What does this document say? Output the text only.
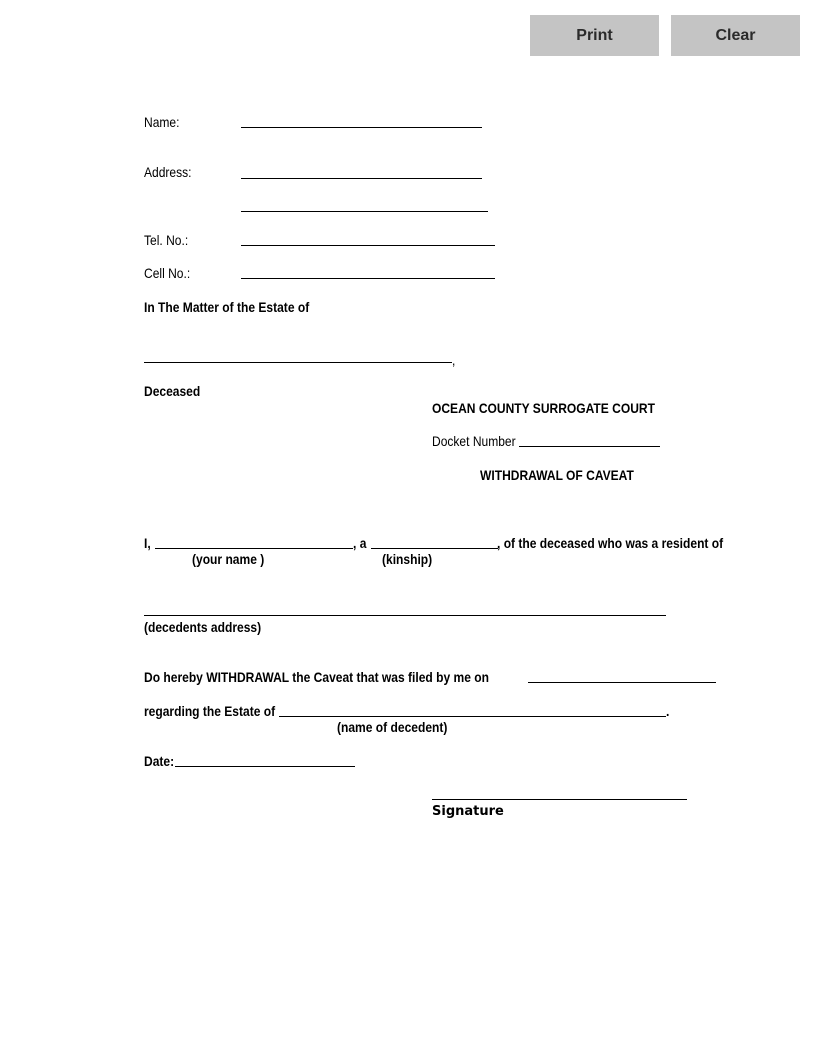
Print	Clear
Name:
Address:
Tel. No.:
Cell No.:
In The Matter of the Estate of
,
Deceased
OCEAN COUNTY SURROGATE COURT
Docket Number
WITHDRAWAL OF CAVEAT
I,	, a	, of the deceased who was a resident of
(your name )	(kinship)
(decedents address)
Do hereby WITHDRAWAL the Caveat that was filed by me on
regarding the Estate of	.
(name of decedent)
Date:
Signature
